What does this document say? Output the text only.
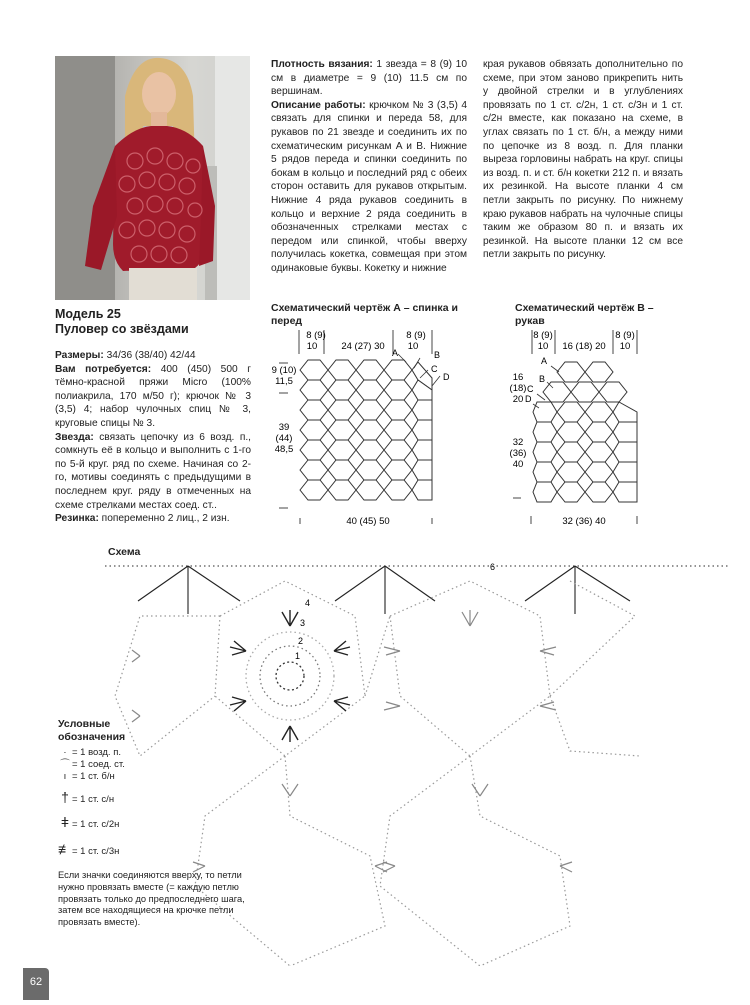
Модель 25
Пуловер со звёздами

Размеры: 34/36 (38/40) 42/44

Вам потребуется: 400 (450) 500 г тёмно-красной пряжи Micro (100% полиакрила, 170 м/50 г); крючок № 3 (3,5) 4; набор чулочных спиц № 3, круговые спицы № 3.

Звезда: связать цепочку из 6 возд. п., сомкнуть её в кольцо и выполнить с 1-го по 5-й круг. ряд по схеме. Начиная со 2-го, мотивы соединять с предыдущими в последнем круг. ряду в отмеченных на схеме стрелками местах соед. ст..

Резинка: попеременно 2 лиц., 2 изн.

Плотность вязания: 1 звезда = 8 (9) 10 см в диаметре = 9 (10) 11.5 см по вершинам.

Описание работы: крючком № 3 (3,5) 4 связать для спинки и переда 58, для рукавов по 21 звезде и соединить их по схематическим рисункам A и B. Нижние 5 рядов переда и спинки соединить по бокам в кольцо и последний ряд с обеих сторон оставить для рукавов открытым. Нижние 4 ряда рукавов соединить в кольцо и верхние 2 ряда соединить в обозначенных стрелками местах с передом или спинкой, чтобы вверху получилась кокетка, совмещая при этом одинаковые буквы. Кокетку и нижние

края рукавов обвязать дополнительно по схеме, при этом заново прикрепить нить у двойной стрелки и в углублениях провязать по 1 ст. с/2н, 1 ст. с/3н и 1 ст. с/2н вместе, как показано на схеме, в углах связать по 1 ст. б/н, а между ними по цепочке из 8 возд. п. Для планки выреза горловины набрать на круг. спицы из возд. п. и ст. б/н кокетки 212 п. и вязать их резинкой. На высоте планки 4 см петли закрыть по рисунку. По нижнему краю рукавов набрать на чулочные спицы таким же образом 80 п. и вязать их резинкой. На высоте планки 12 см все петли закрыть по рисунку.

Схематический чертёж А – спинка и перед
8 (9)
10	24 (27) 30
8 (9)
10
9 (10)
11,5
39
(44)
48,5
40 (45) 50
A	B
C
D
Схематический чертёж В – рукав
8 (9)
10 16 (18) 20
8 (9)
10
16
(18)
20
32
(36)
40
32 (36) 40
A
B
C
D
Схема
4
3
2
1
6
Условные обозначения
· = 1 возд. п.
⌒ = 1 соед. ст.
ı = 1 ст. б/н
† = 1 ст. с/н
ǂ = 1 ст. с/2н
≢= 1 ст. с/3н
Если значки соединяются вверху, то петли нужно провязать вместе (= каждую петлю провязать только до предпоследнего шага, затем все находящиеся на крючке петли провязать вместе).
62
